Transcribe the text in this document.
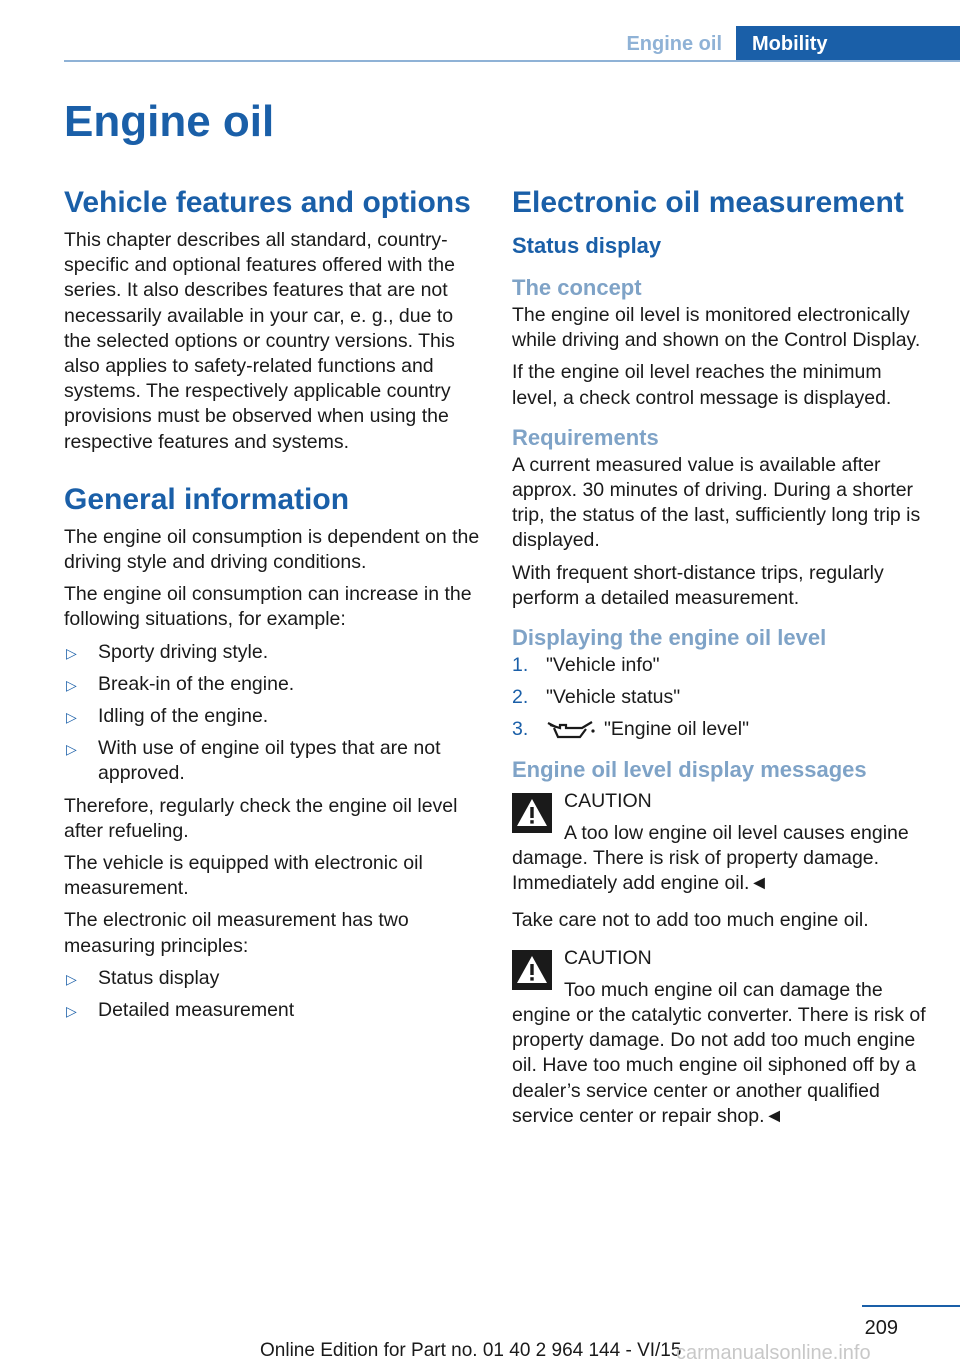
Engine oil	Mobility
Engine oil
Vehicle features and options

This chapter describes all standard, country-specific and optional features offered with the series. It also describes features that are not necessarily available in your car, e. g., due to the selected options or country versions. This also applies to safety-related functions and systems. The respectively applicable country provisions must be observed when using the respective features and systems.

General information

The engine oil consumption is dependent on the driving style and driving conditions.

The engine oil consumption can increase in the following situations, for example:

▷ Sporty driving style.
▷ Break-in of the engine.
▷ Idling of the engine.
▷ With use of engine oil types that are not approved.

Therefore, regularly check the engine oil level after refueling.

The vehicle is equipped with electronic oil measurement.

The electronic oil measurement has two measuring principles:

▷ Status display
▷ Detailed measurement
Electronic oil measurement
Status display
The concept

The engine oil level is monitored electronically while driving and shown on the Control Display.

If the engine oil level reaches the minimum level, a check control message is displayed.

Requirements

A current measured value is available after approx. 30 minutes of driving. During a shorter trip, the status of the last, sufficiently long trip is displayed.

With frequent short-distance trips, regularly perform a detailed measurement.

Displaying the engine oil level
1. "Vehicle info"
2. "Vehicle status"
3.	"Engine oil level"
Engine oil level display messages

CAUTION

A too low engine oil level causes engine damage. There is risk of property damage. Immediately add engine oil.◄

Take care not to add too much engine oil.

CAUTION

Too much engine oil can damage the engine or the catalytic converter. There is risk of property damage. Do not add too much engine oil. Have too much engine oil siphoned off by a dealer’s service center or another qualified service center or repair shop.◄

209
Online Edition for Part no. 01 40 2 964 144 - VI/15
carmanualsonline.info
